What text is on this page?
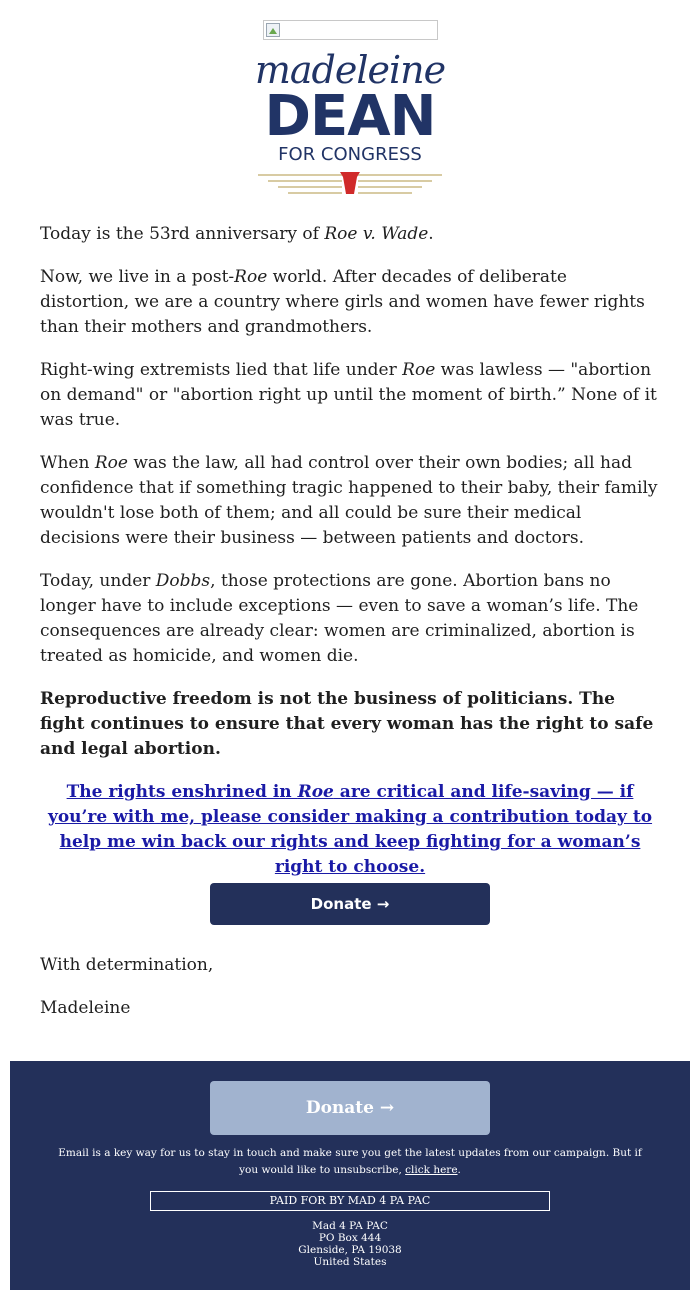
madeleine
DEAN
FOR CONGRESS

Today is the 53rd anniversary of Roe v. Wade.

Now, we live in a post-Roe world. After decades of deliberate distortion, we are a country where girls and women have fewer rights than their mothers and grandmothers.

Right-wing extremists lied that life under Roe was lawless — "abortion on demand" or "abortion right up until the moment of birth.” None of it was true.

When Roe was the law, all had control over their own bodies; all had confidence that if something tragic happened to their baby, their family wouldn't lose both of them; and all could be sure their medical decisions were their business — between patients and doctors.

Today, under Dobbs, those protections are gone. Abortion bans no longer have to include exceptions — even to save a woman’s life. The consequences are already clear: women are criminalized, abortion is treated as homicide, and women die.

Reproductive freedom is not the business of politicians. The fight continues to ensure that every woman has the right to safe and legal abortion.

The rights enshrined in Roe are critical and life-saving — if you’re with me, please consider making a contribution today to help me win back our rights and keep fighting for a woman’s right to choose.
Donate →

With determination,

Madeleine

Donate →
Email is a key way for us to stay in touch and make sure you get the latest updates from our campaign. But if you would like to unsubscribe, click here.
PAID FOR BY MAD 4 PA PAC
Mad 4 PA PAC
PO Box 444
Glenside, PA 19038
United States
